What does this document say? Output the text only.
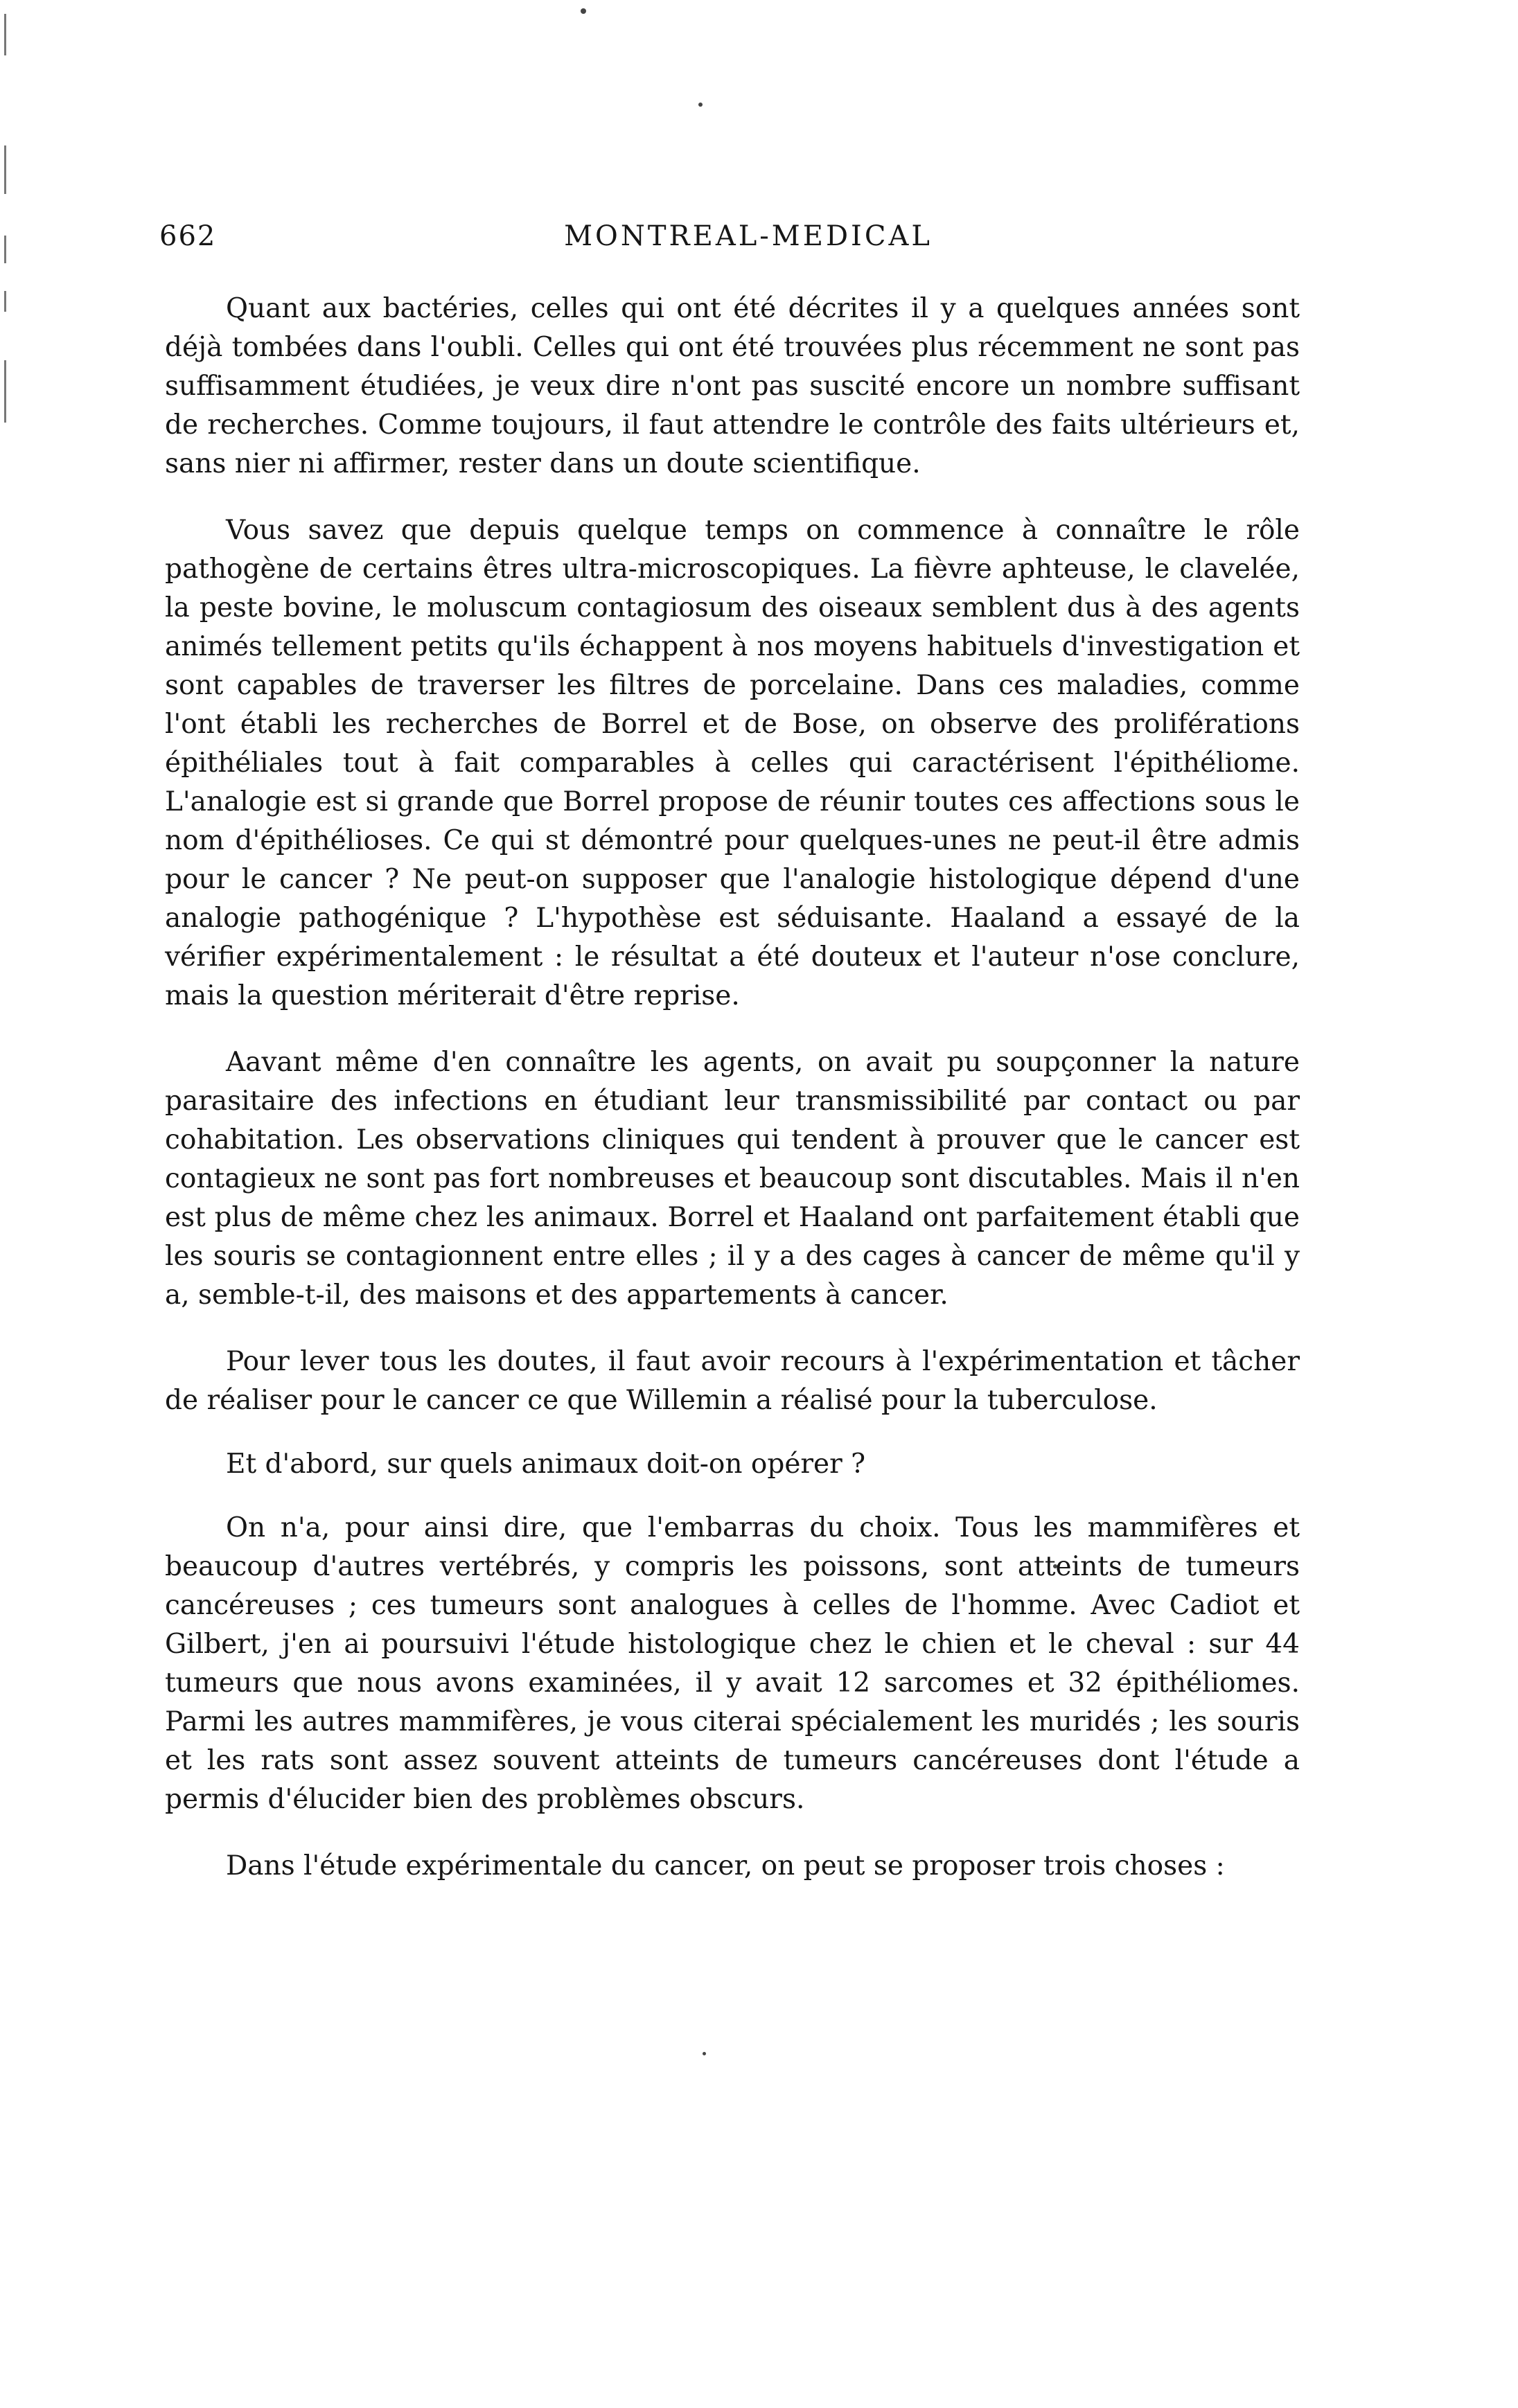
662	MONTREAL-MEDICAL

Quant aux bactéries, celles qui ont été décrites il y a quelques années sont déjà tombées dans l'oubli. Celles qui ont été trouvées plus récemment ne sont pas suffisamment étudiées, je veux dire n'ont pas suscité encore un nombre suffisant de recherches. Comme toujours, il faut attendre le contrôle des faits ultérieurs et, sans nier ni affirmer, rester dans un doute scientifique.

Vous savez que depuis quelque temps on commence à connaître le rôle pathogène de certains êtres ultra-microscopiques. La fièvre aphteuse, le clavelée, la peste bovine, le moluscum contagiosum des oiseaux semblent dus à des agents animés tellement petits qu'ils échappent à nos moyens habituels d'investigation et sont capables de traverser les filtres de porcelaine. Dans ces maladies, comme l'ont établi les recherches de Borrel et de Bose, on observe des proliférations épithéliales tout à fait comparables à celles qui caractérisent l'épithéliome. L'analogie est si grande que Borrel propose de réunir toutes ces affections sous le nom d'épithélioses. Ce qui st démontré pour quelques-unes ne peut-il être admis pour le cancer ? Ne peut-on supposer que l'analogie histologique dépend d'une analogie pathogénique ? L'hypothèse est séduisante. Haaland a essayé de la vérifier expérimentalement : le résultat a été douteux et l'auteur n'ose conclure, mais la question mériterait d'être reprise.

Aavant même d'en connaître les agents, on avait pu soupçonner la nature parasitaire des infections en étudiant leur transmissibilité par contact ou par cohabitation. Les observations cliniques qui tendent à prouver que le cancer est contagieux ne sont pas fort nombreuses et beaucoup sont discutables. Mais il n'en est plus de même chez les animaux. Borrel et Haaland ont parfaitement établi que les souris se contagionnent entre elles ; il y a des cages à cancer de même qu'il y a, semble-t-il, des maisons et des appartements à cancer.

Pour lever tous les doutes, il faut avoir recours à l'expérimentation et tâcher de réaliser pour le cancer ce que Willemin a réalisé pour la tuberculose.

Et d'abord, sur quels animaux doit-on opérer ?

On n'a, pour ainsi dire, que l'embarras du choix. Tous les mammifères et beaucoup d'autres vertébrés, y compris les poissons, sont atteints de tumeurs cancéreuses ; ces tumeurs sont analogues à celles de l'homme. Avec Cadiot et Gilbert, j'en ai poursuivi l'étude histologique chez le chien et le cheval : sur 44 tumeurs que nous avons examinées, il y avait 12 sarcomes et 32 épithéliomes. Parmi les autres mammifères, je vous citerai spécialement les muridés ; les souris et les rats sont assez souvent atteints de tumeurs cancéreuses dont l'étude a permis d'élucider bien des problèmes obscurs.

Dans l'étude expérimentale du cancer, on peut se proposer trois choses :
